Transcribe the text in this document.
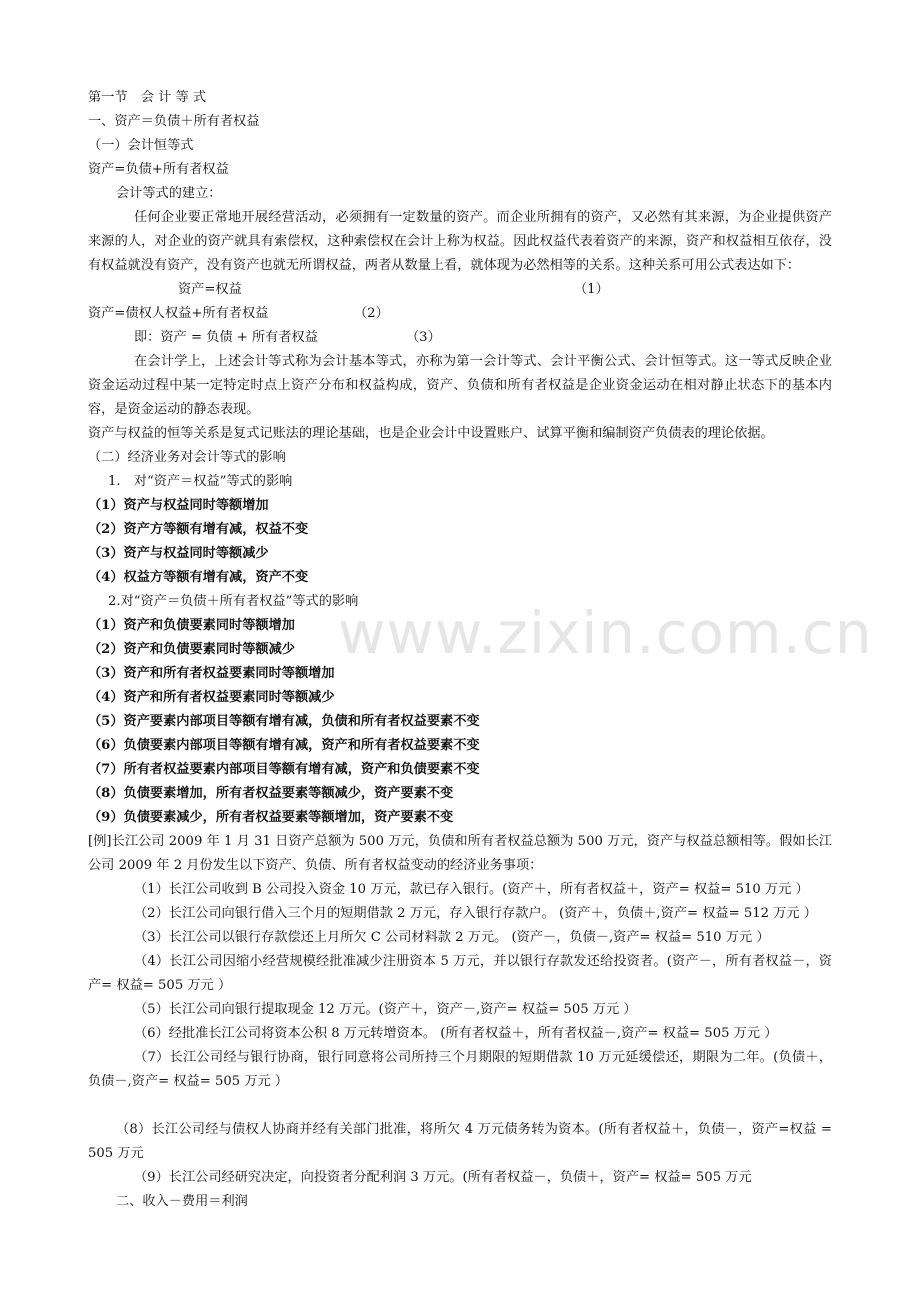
www.zixin.com.cn
第一节　会 计 等 式
一、资产＝负债＋所有者权益
（一）会计恒等式
资产=负债+所有者权益
会计等式的建立：
任何企业要正常地开展经营活动，必须拥有一定数量的资产。而企业所拥有的资产，又必然有其来源，为企业提供资产来源的人，对企业的资产就具有索偿权，这种索偿权在会计上称为权益。因此权益代表着资产的来源，资产和权益相互依存，没有权益就没有资产，没有资产也就无所谓权益，两者从数量上看，就体现为必然相等的关系。这种关系可用公式表达如下：
资产=权益	（1）
资产=债权人权益+所有者权益	（2）
即：资产 = 负债 + 所有者权益	（3）
在会计学上，上述会计等式称为会计基本等式，亦称为第一会计等式、会计平衡公式、会计恒等式。这一等式反映企业资金运动过程中某一定特定时点上资产分布和权益构成，资产、负债和所有者权益是企业资金运动在相对静止状态下的基本内容，是资金运动的静态表现。
资产与权益的恒等关系是复式记账法的理论基础，也是企业会计中设置账户、试算平衡和编制资产负债表的理论依据。
（二）经济业务对会计等式的影响
1.　对“资产＝权益”等式的影响
（1）资产与权益同时等额增加
（2）资产方等额有增有减，权益不变
（3）资产与权益同时等额减少
（4）权益方等额有增有减，资产不变
2.对“资产＝负债＋所有者权益”等式的影响
（1）资产和负债要素同时等额增加
（2）资产和负债要素同时等额减少
（3）资产和所有者权益要素同时等额增加
（4）资产和所有者权益要素同时等额减少
（5）资产要素内部项目等额有增有减，负债和所有者权益要素不变
（6）负债要素内部项目等额有增有减，资产和所有者权益要素不变
（7）所有者权益要素内部项目等额有增有减，资产和负债要素不变
（8）负债要素增加，所有者权益要素等额减少，资产要素不变
（9）负债要素减少，所有者权益要素等额增加，资产要素不变
[例]长江公司 2009 年 1 月 31 日资产总额为 500 万元，负债和所有者权益总额为 500 万元，资产与权益总额相等。假如长江公司 2009 年 2 月份发生以下资产、负债、所有者权益变动的经济业务事项：
（1）长江公司收到 B 公司投入资金 10 万元，款已存入银行。(资产＋，所有者权益＋，资产= 权益= 510 万元 ）
（2）长江公司向银行借入三个月的短期借款 2 万元，存入银行存款户。 (资产＋，负债＋,资产= 权益= 512 万元 ）
（3）长江公司以银行存款偿还上月所欠 C 公司材料款 2 万元。 (资产－，负债－,资产= 权益= 510 万元 ）
（4）长江公司因缩小经营规模经批准减少注册资本 5 万元，并以银行存款发还给投资者。(资产－，所有者权益－，资产= 权益= 505 万元 ）
（5）长江公司向银行提取现金 12 万元。(资产＋，资产－,资产= 权益= 505 万元 ）
（6）经批准长江公司将资本公积 8 万元转增资本。 (所有者权益＋，所有者权益－,资产= 权益= 505 万元 ）
（7）长江公司经与银行协商，银行同意将公司所持三个月期限的短期借款 10 万元延缓偿还，期限为二年。(负债＋，负债－,资产= 权益= 505 万元 ）
（8）长江公司经与债权人协商并经有关部门批准，将所欠 4 万元债务转为资本。(所有者权益＋，负债－，资产=权益 = 505 万元
（9）长江公司经研究决定，向投资者分配利润 3 万元。(所有者权益－，负债＋，资产= 权益= 505 万元
二、收入－费用＝利润
